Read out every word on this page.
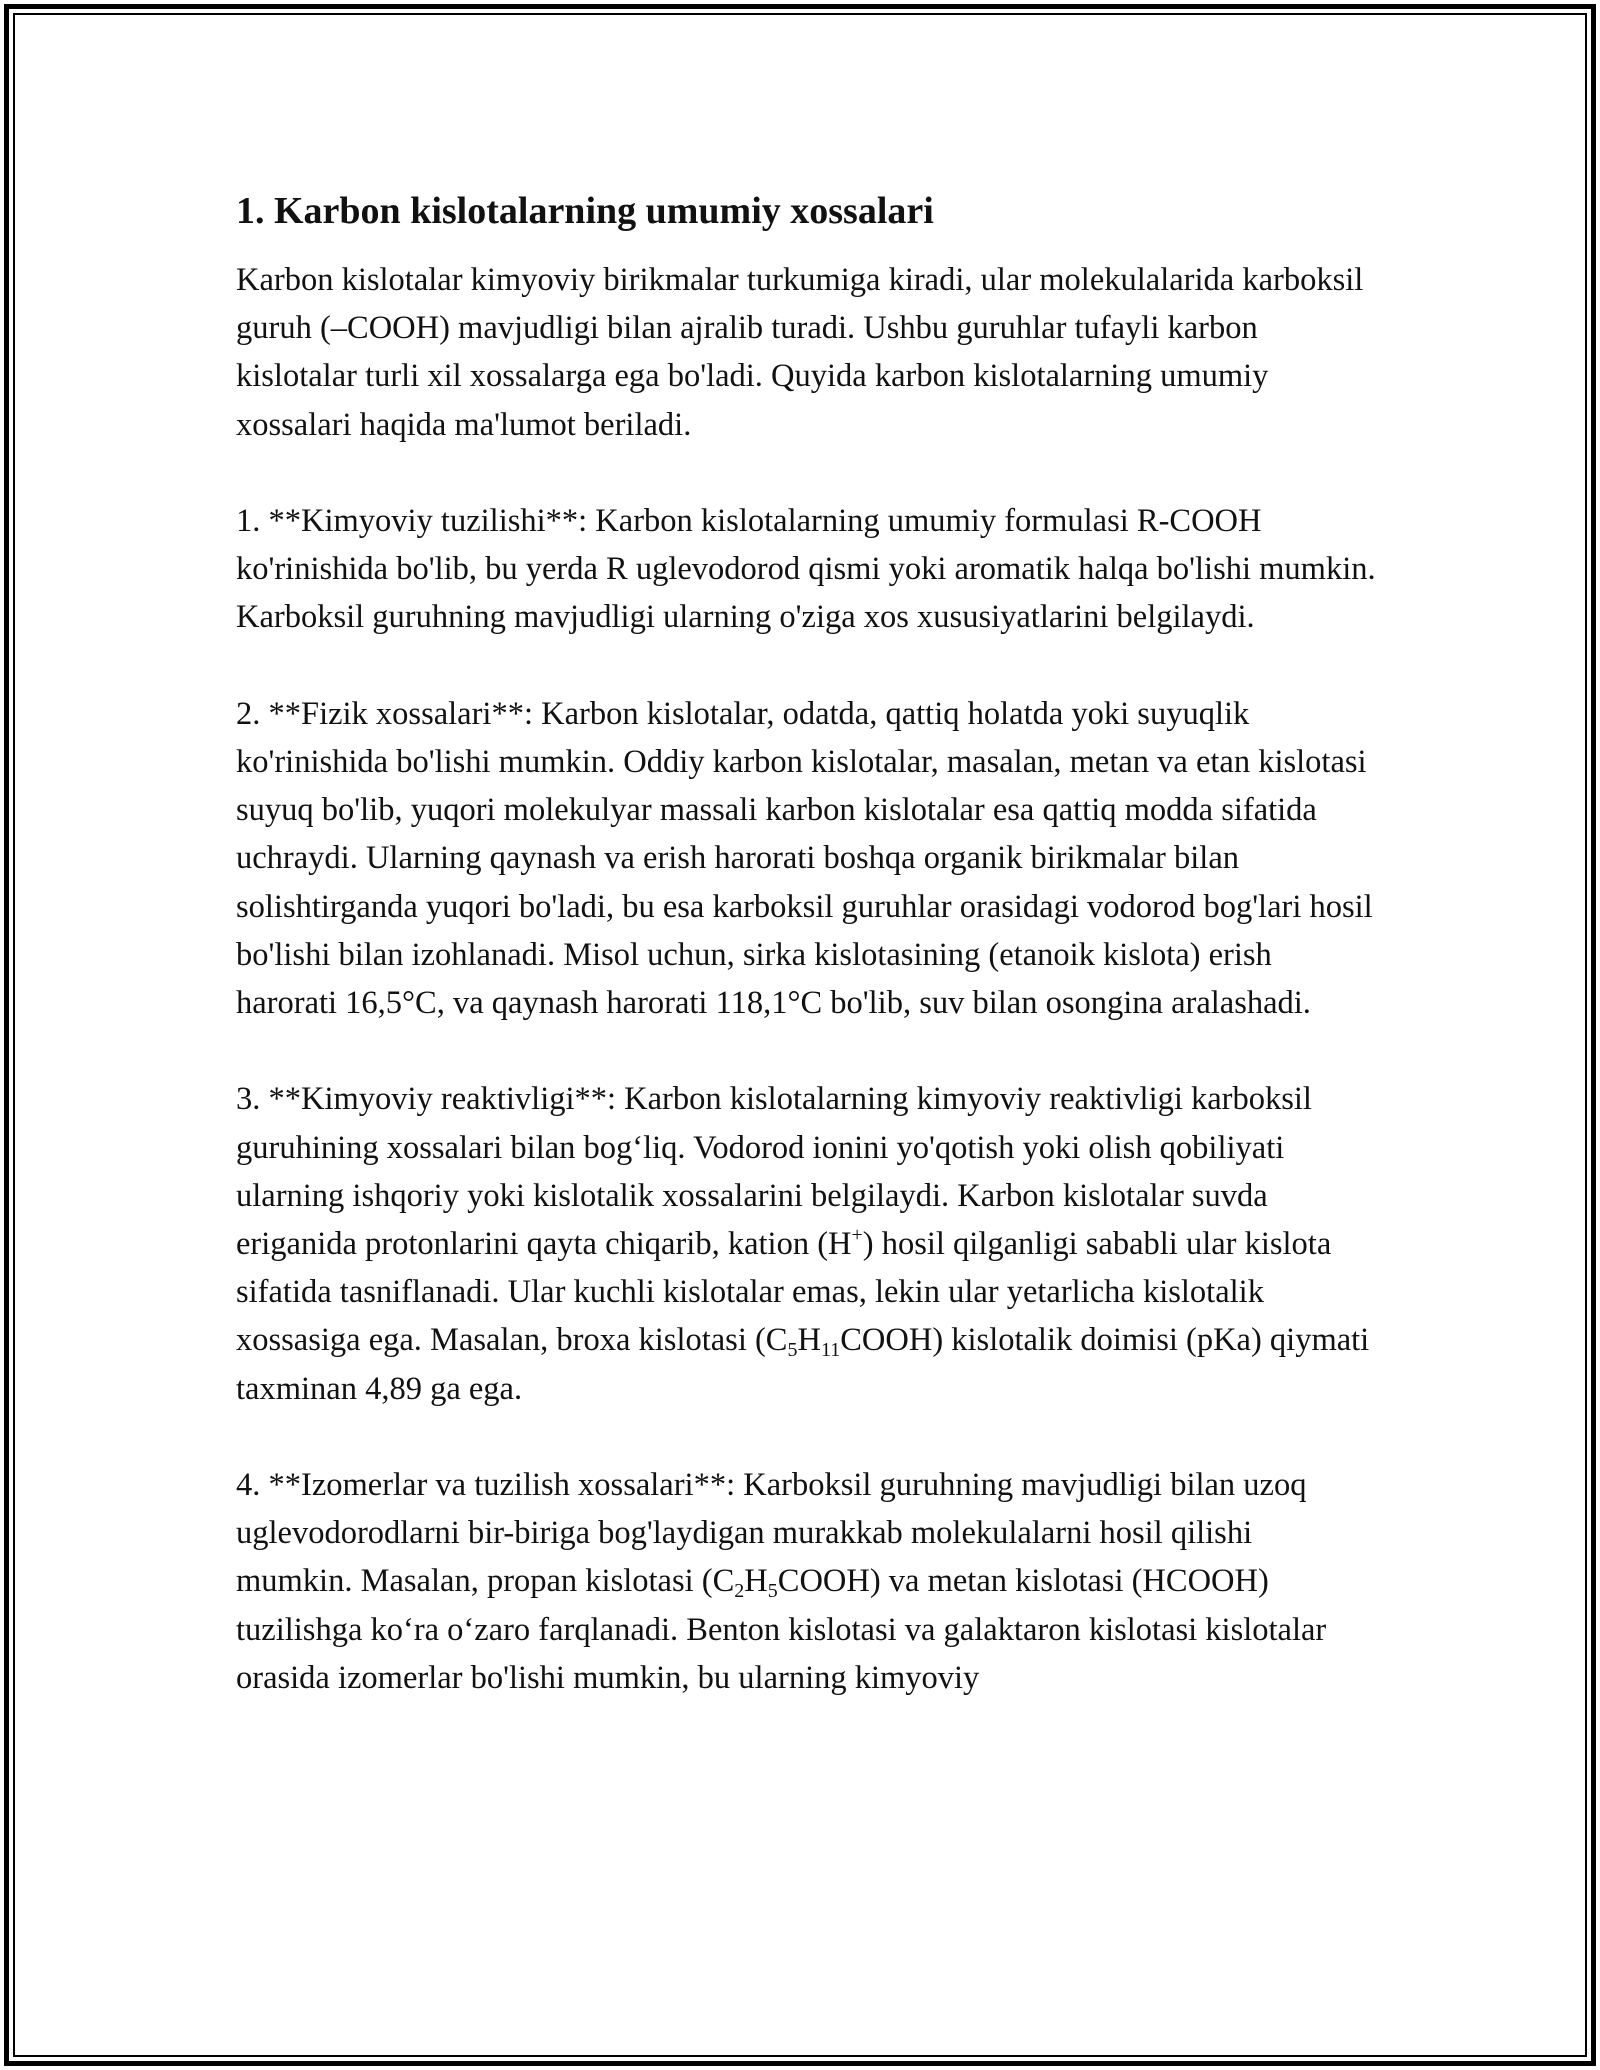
1. Karbon kislotalarning umumiy xossalari

Karbon kislotalar kimyoviy birikmalar turkumiga kiradi, ular molekulalarida karboksil guruh (–COOH) mavjudligi bilan ajralib turadi. Ushbu guruhlar tufayli karbon kislotalar turli xil xossalarga ega bo'ladi. Quyida karbon kislotalarning umumiy xossalari haqida ma'lumot beriladi.

1. **Kimyoviy tuzilishi**: Karbon kislotalarning umumiy formulasi R-COOH ko'rinishida bo'lib, bu yerda R uglevodorod qismi yoki aromatik halqa bo'lishi mumkin. Karboksil guruhning mavjudligi ularning o'ziga xos xususiyatlarini belgilaydi.

2. **Fizik xossalari**: Karbon kislotalar, odatda, qattiq holatda yoki suyuqlik ko'rinishida bo'lishi mumkin. Oddiy karbon kislotalar, masalan, metan va etan kislotasi suyuq bo'lib, yuqori molekulyar massali karbon kislotalar esa qattiq modda sifatida uchraydi. Ularning qaynash va erish harorati boshqa organik birikmalar bilan solishtirganda yuqori bo'ladi, bu esa karboksil guruhlar orasidagi vodorod bog'lari hosil bo'lishi bilan izohlanadi. Misol uchun, sirka kislotasining (etanoik kislota) erish harorati 16,5°C, va qaynash harorati 118,1°C bo'lib, suv bilan osongina aralashadi.

3. **Kimyoviy reaktivligi**: Karbon kislotalarning kimyoviy reaktivligi karboksil guruhining xossalari bilan bog‘liq. Vodorod ionini yo'qotish yoki olish qobiliyati ularning ishqoriy yoki kislotalik xossalarini belgilaydi. Karbon kislotalar suvda eriganida protonlarini qayta chiqarib, kation (H+) hosil qilganligi sababli ular kislota sifatida tasniflanadi. Ular kuchli kislotalar emas, lekin ular yetarlicha kislotalik xossasiga ega. Masalan, broxa kislotasi $(C_5H_{11}COOH)$ kislotalik doimisi (pKa) qiymati taxminan 4,89 ga ega.

4. **Izomerlar va tuzilish xossalari**: Karboksil guruhning mavjudligi bilan uzoq uglevodorodlarni bir-biriga bog'laydigan murakkab molekulalarni hosil qilishi mumkin. Masalan, propan kislotasi $(C_2H_5COOH)$ va metan kislotasi (HCOOH) tuzilishga ko‘ra o‘zaro farqlanadi. Benton kislotasi va galaktaron kislotasi kislotalar orasida izomerlar bo'lishi mumkin, bu ularning kimyoviy
